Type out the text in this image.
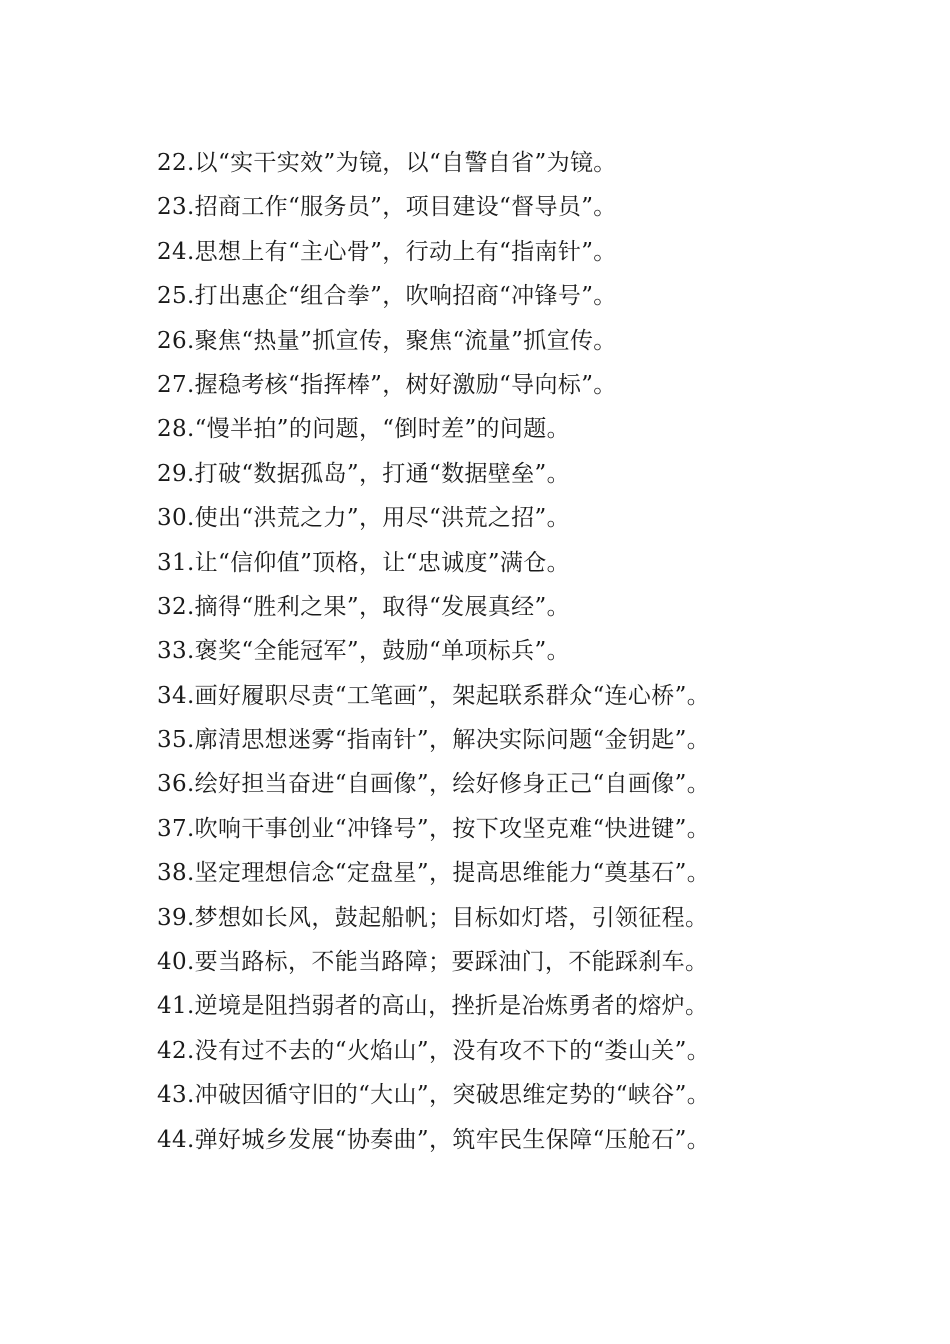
22.以“实干实效”为镜，以“自警自省”为镜。
23.招商工作“服务员”，项目建设“督导员”。
24.思想上有“主心骨”，行动上有“指南针”。
25.打出惠企“组合拳”，吹响招商“冲锋号”。
26.聚焦“热量”抓宣传，聚焦“流量”抓宣传。
27.握稳考核“指挥棒”，树好激励“导向标”。
28.“慢半拍”的问题，“倒时差”的问题。
29.打破“数据孤岛”，打通“数据壁垒”。
30.使出“洪荒之力”，用尽“洪荒之招”。
31.让“信仰值”顶格，让“忠诚度”满仓。
32.摘得“胜利之果”，取得“发展真经”。
33.褒奖“全能冠军”，鼓励“单项标兵”。
34.画好履职尽责“工笔画”，架起联系群众“连心桥”。
35.廓清思想迷雾“指南针”，解决实际问题“金钥匙”。
36.绘好担当奋进“自画像”，绘好修身正己“自画像”。
37.吹响干事创业“冲锋号”，按下攻坚克难“快进键”。
38.坚定理想信念“定盘星”，提高思维能力“奠基石”。
39.梦想如长风，鼓起船帆；目标如灯塔，引领征程。
40.要当路标，不能当路障；要踩油门，不能踩刹车。
41.逆境是阻挡弱者的高山，挫折是冶炼勇者的熔炉。
42.没有过不去的“火焰山”，没有攻不下的“娄山关”。
43.冲破因循守旧的“大山”，突破思维定势的“峡谷”。
44.弹好城乡发展“协奏曲”，筑牢民生保障“压舱石”。
